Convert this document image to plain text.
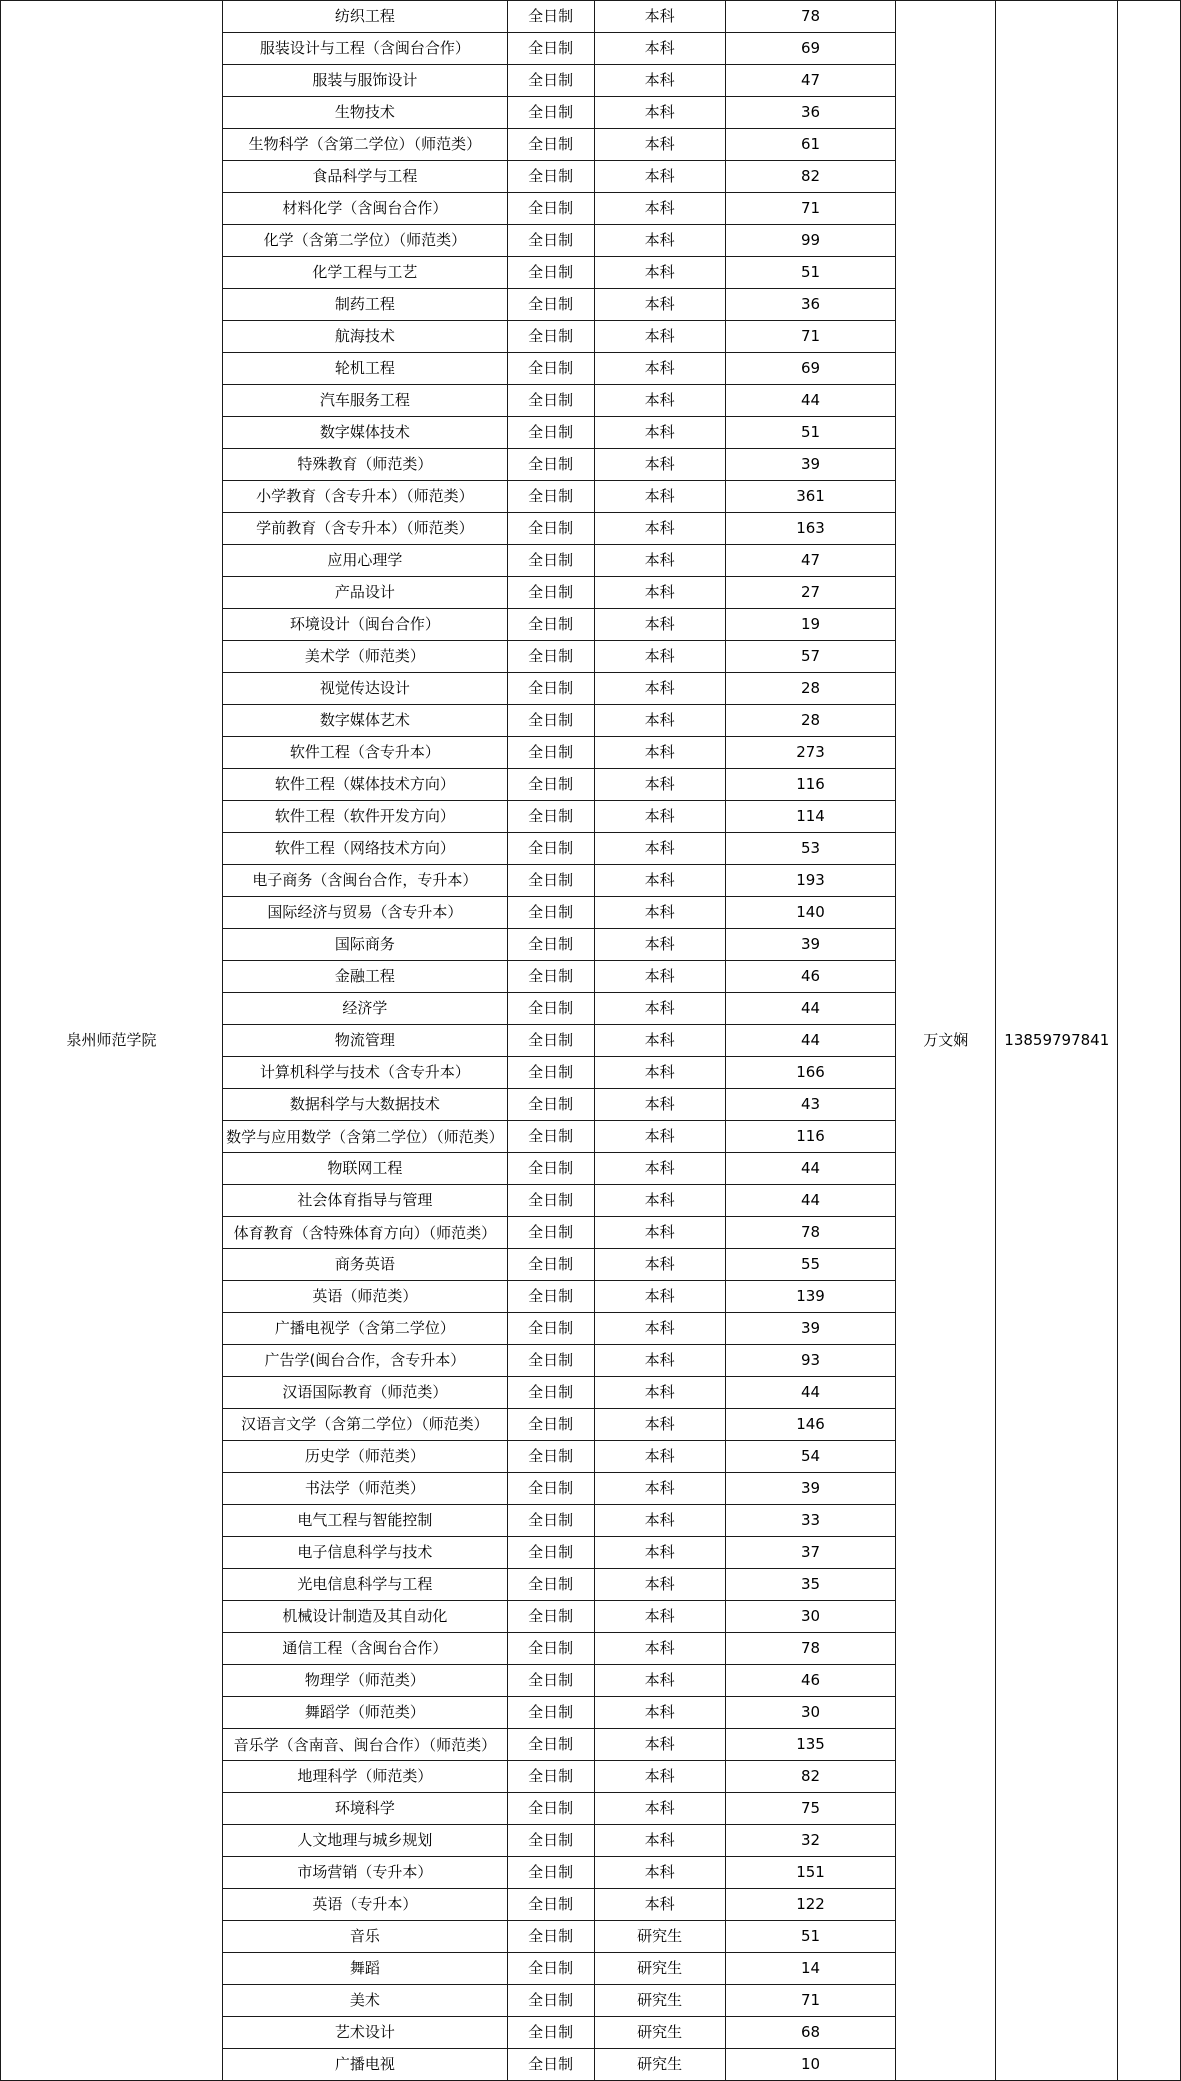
泉州师范学院	纺织工程	全日制	本科	78	万文娴	13859797841	
	服装设计与工程（含闽台合作）	全日制	本科	69			
	服装与服饰设计	全日制	本科	47			
	生物技术	全日制	本科	36			
	生物科学（含第二学位）（师范类）	全日制	本科	61			
	食品科学与工程	全日制	本科	82			
	材料化学（含闽台合作）	全日制	本科	71			
	化学（含第二学位）（师范类）	全日制	本科	99			
	化学工程与工艺	全日制	本科	51			
	制药工程	全日制	本科	36			
	航海技术	全日制	本科	71			
	轮机工程	全日制	本科	69			
	汽车服务工程	全日制	本科	44			
	数字媒体技术	全日制	本科	51			
	特殊教育（师范类）	全日制	本科	39			
	小学教育（含专升本）（师范类）	全日制	本科	361			
	学前教育（含专升本）（师范类）	全日制	本科	163			
	应用心理学	全日制	本科	47			
	产品设计	全日制	本科	27			
	环境设计（闽台合作）	全日制	本科	19			
	美术学（师范类）	全日制	本科	57			
	视觉传达设计	全日制	本科	28			
	数字媒体艺术	全日制	本科	28			
	软件工程（含专升本）	全日制	本科	273			
	软件工程（媒体技术方向）	全日制	本科	116			
	软件工程（软件开发方向）	全日制	本科	114			
	软件工程（网络技术方向）	全日制	本科	53			
	电子商务（含闽台合作，专升本）	全日制	本科	193			
	国际经济与贸易（含专升本）	全日制	本科	140			
	国际商务	全日制	本科	39			
	金融工程	全日制	本科	46			
	经济学	全日制	本科	44			
	物流管理	全日制	本科	44			
	计算机科学与技术（含专升本）	全日制	本科	166			
	数据科学与大数据技术	全日制	本科	43			
	数学与应用数学（含第二学位）（师范类）	全日制	本科	116			
	物联网工程	全日制	本科	44			
	社会体育指导与管理	全日制	本科	44			
	体育教育（含特殊体育方向）（师范类）	全日制	本科	78			
	商务英语	全日制	本科	55			
	英语（师范类）	全日制	本科	139			
	广播电视学（含第二学位）	全日制	本科	39			
	广告学(闽台合作，含专升本）	全日制	本科	93			
	汉语国际教育（师范类）	全日制	本科	44			
	汉语言文学（含第二学位）（师范类）	全日制	本科	146			
	历史学（师范类）	全日制	本科	54			
	书法学（师范类）	全日制	本科	39			
	电气工程与智能控制	全日制	本科	33			
	电子信息科学与技术	全日制	本科	37			
	光电信息科学与工程	全日制	本科	35			
	机械设计制造及其自动化	全日制	本科	30			
	通信工程（含闽台合作）	全日制	本科	78			
	物理学（师范类）	全日制	本科	46			
	舞蹈学（师范类）	全日制	本科	30			
	音乐学（含南音、闽台合作）（师范类）	全日制	本科	135			
	地理科学（师范类）	全日制	本科	82			
	环境科学	全日制	本科	75			
	人文地理与城乡规划	全日制	本科	32			
	市场营销（专升本）	全日制	本科	151			
	英语（专升本）	全日制	本科	122			
	音乐	全日制	研究生	51			
	舞蹈	全日制	研究生	14			
	美术	全日制	研究生	71			
	艺术设计	全日制	研究生	68			
	广播电视	全日制	研究生	10			
